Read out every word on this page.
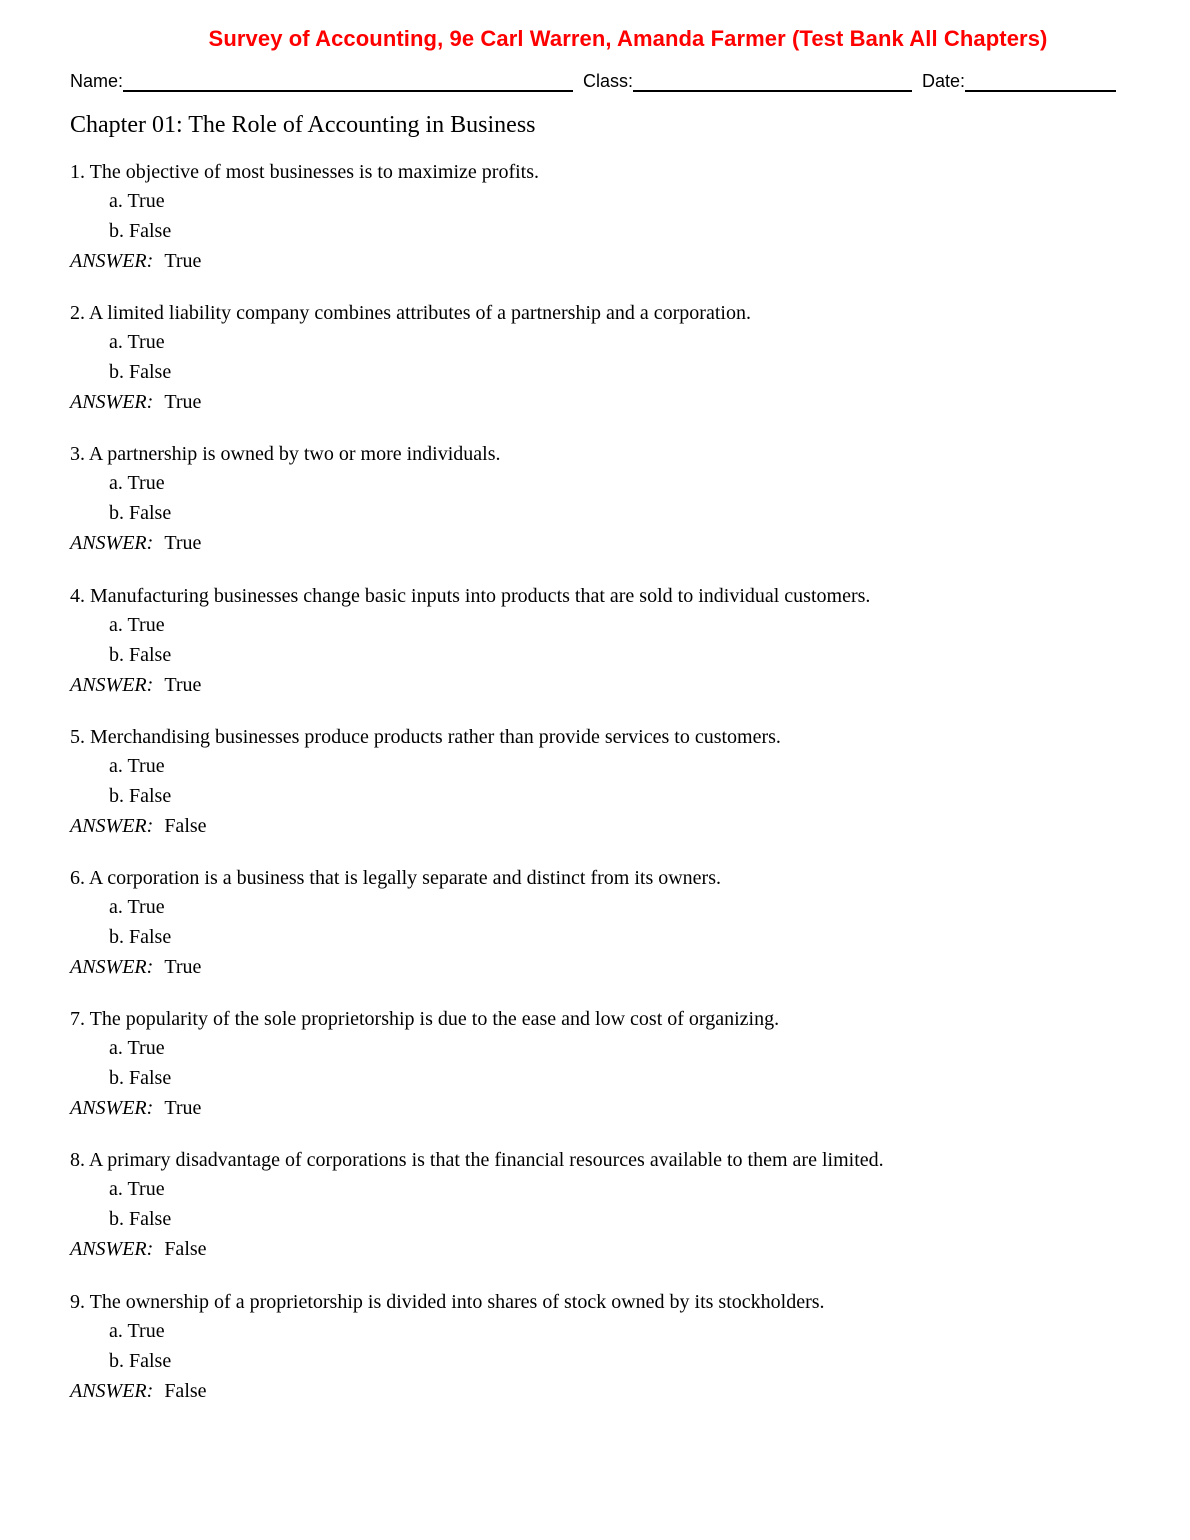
Survey of Accounting, 9e Carl Warren, Amanda Farmer (Test Bank All Chapters)
Name:	Class:	Date:
Chapter 01: The Role of Accounting in Business
1. The objective of most businesses is to maximize profits.
a. True
b. False
ANSWER: True
2. A limited liability company combines attributes of a partnership and a corporation.
a. True
b. False
ANSWER: True
3. A partnership is owned by two or more individuals.
a. True
b. False
ANSWER: True
4. Manufacturing businesses change basic inputs into products that are sold to individual customers.
a. True
b. False
ANSWER: True
5. Merchandising businesses produce products rather than provide services to customers.
a. True
b. False
ANSWER: False
6. A corporation is a business that is legally separate and distinct from its owners.
a. True
b. False
ANSWER: True
7. The popularity of the sole proprietorship is due to the ease and low cost of organizing.
a. True
b. False
ANSWER: True
8. A primary disadvantage of corporations is that the financial resources available to them are limited.
a. True
b. False
ANSWER: False
9. The ownership of a proprietorship is divided into shares of stock owned by its stockholders.
a. True
b. False
ANSWER: False
